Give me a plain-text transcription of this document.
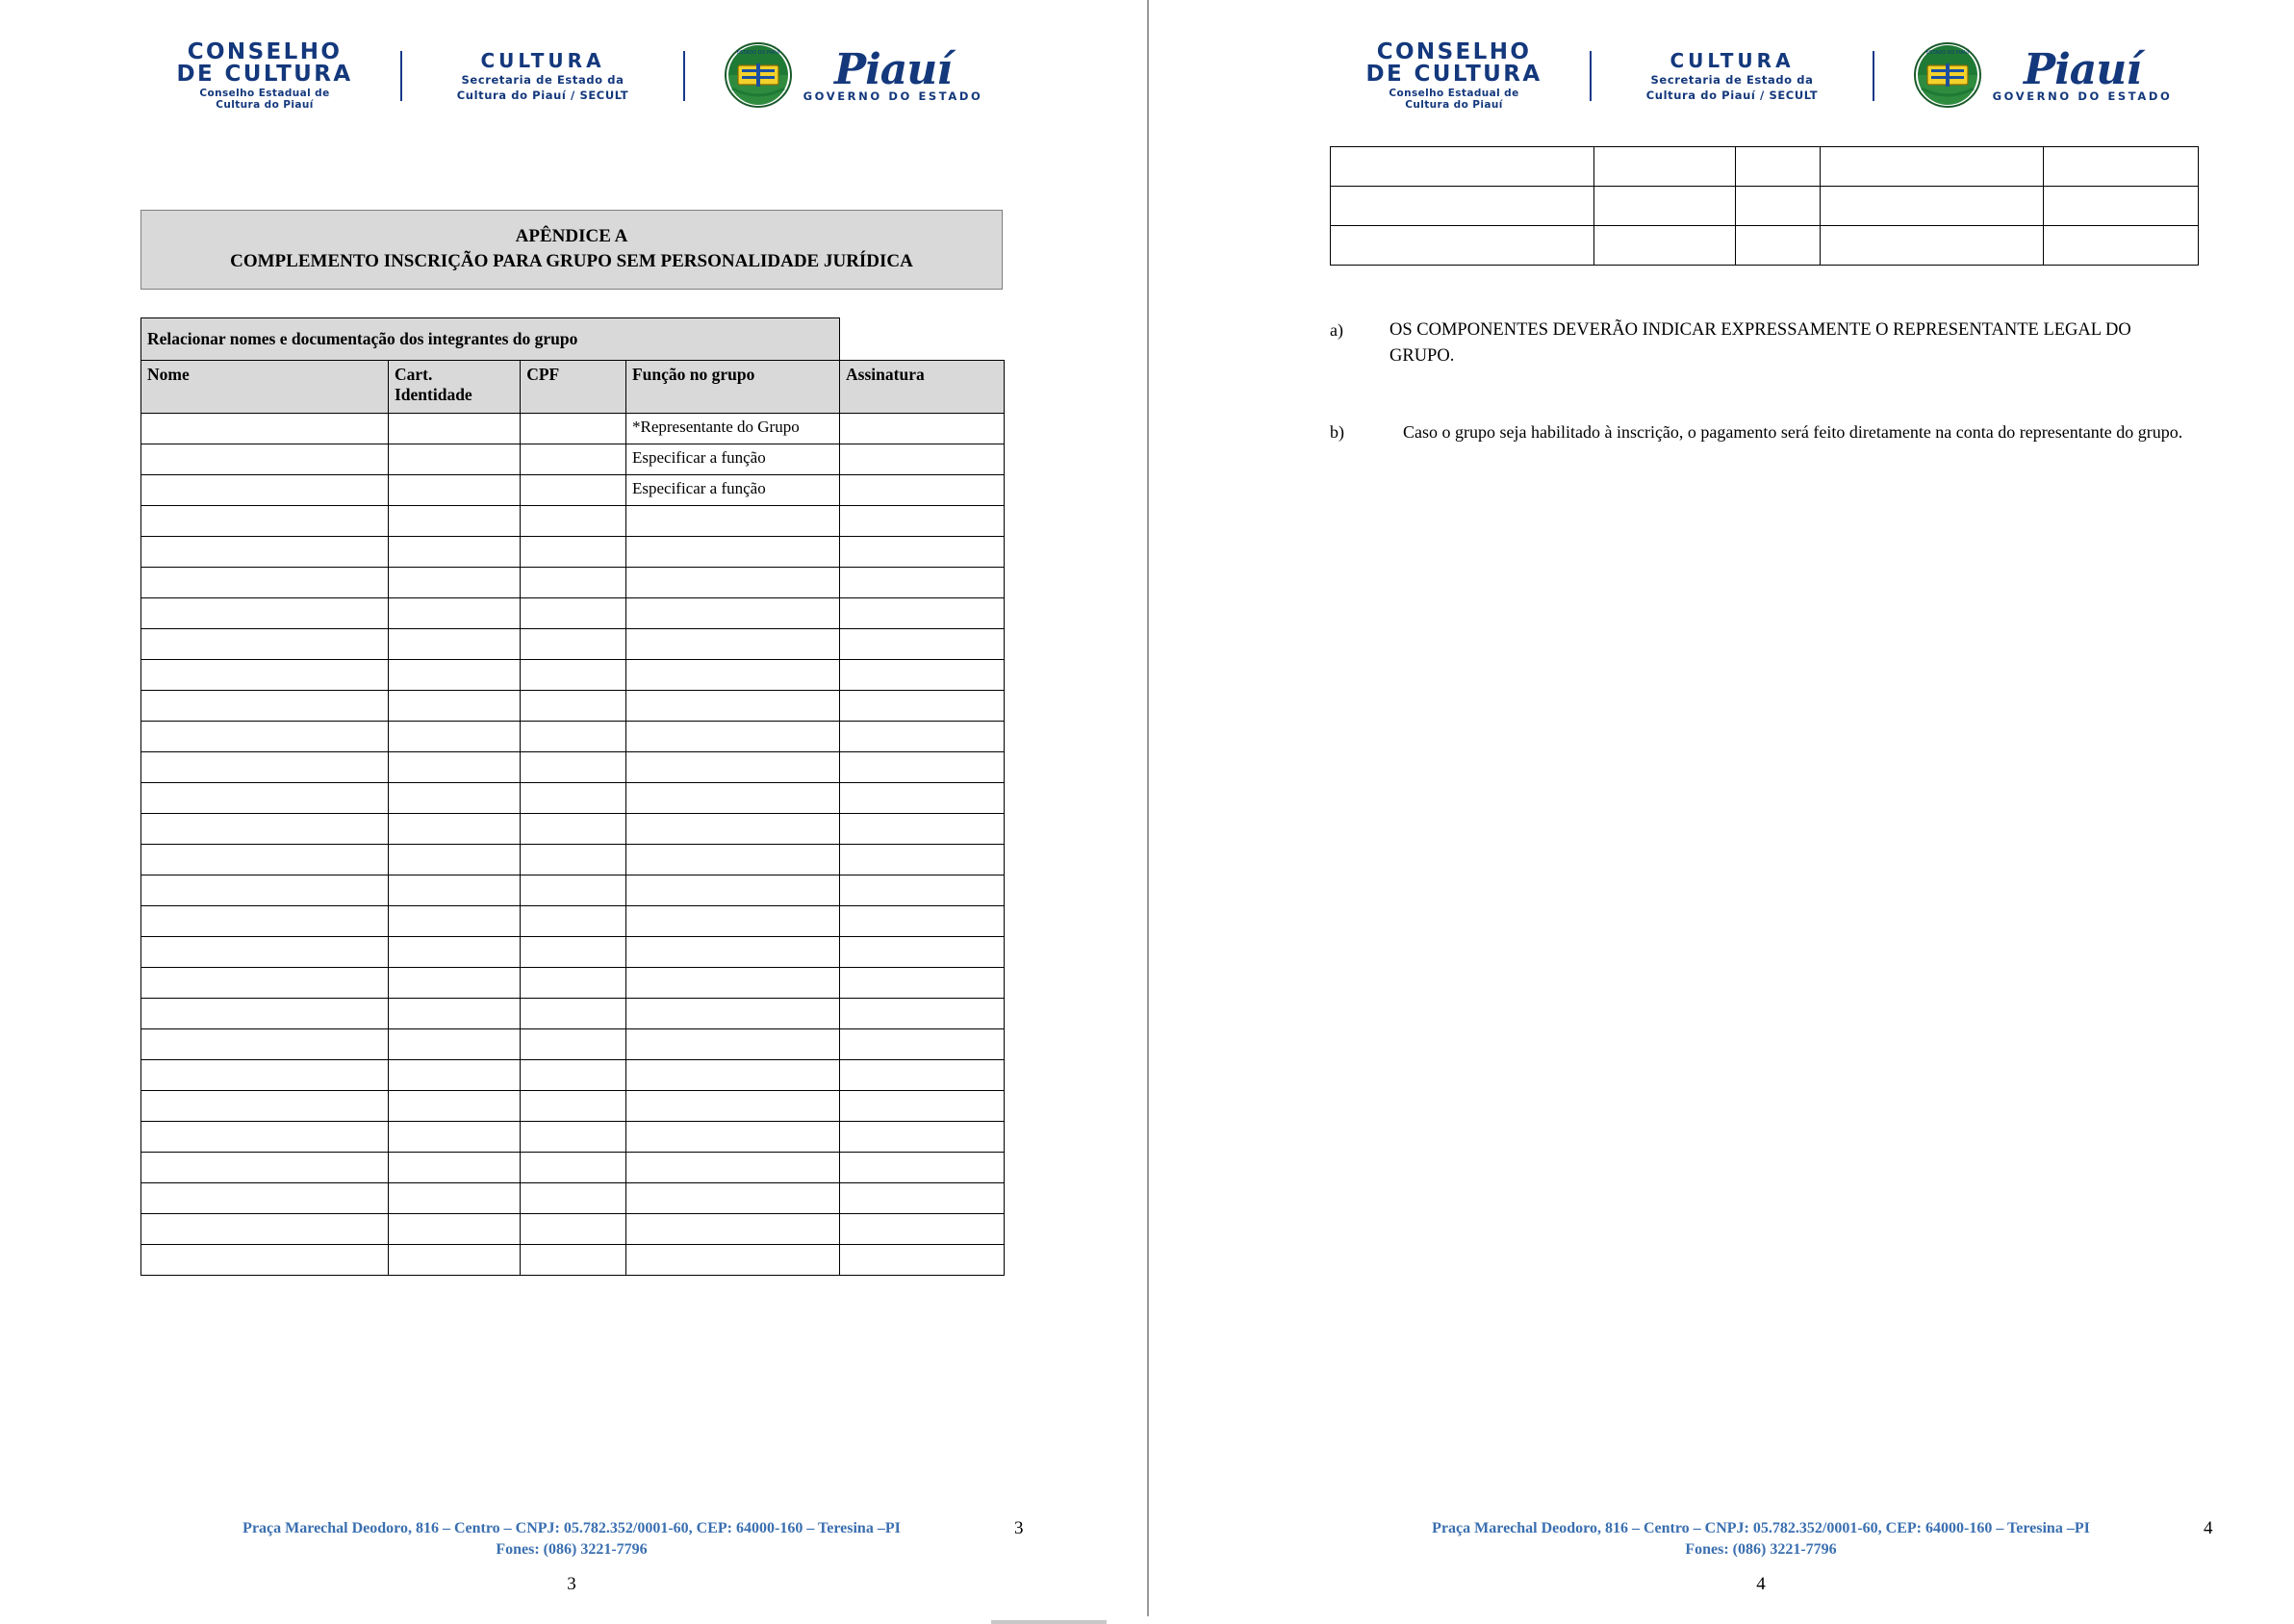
CONSELHO
DE CULTURA
Conselho Estadual de
Cultura do Piauí
CULTURA
Secretaria de Estado da
Cultura do Piauí / SECULT
ESTADO DO PIAUÍ	Piauí
GOVERNO DO ESTADO
APÊNDICE A
COMPLEMENTO INSCRIÇÃO PARA GRUPO SEM PERSONALIDADE JURÍDICA
Relacionar nomes e documentação dos integrantes do grupo				
Nome	Cart. Identidade	CPF	Função no grupo	Assinatura

			*Representante do Grupo	

			Especificar a função	

			Especificar a função	

Praça Marechal Deodoro, 816 – Centro – CNPJ: 05.782.352/0001-60, CEP: 64000-160 – Teresina –PI
Fones: (086) 3221-7796
3
3
CONSELHO
DE CULTURA
Conselho Estadual de
Cultura do Piauí
CULTURA
Secretaria de Estado da
Cultura do Piauí / SECULT
ESTADO DO PIAUÍ	Piauí
GOVERNO DO ESTADO

a)	OS COMPONENTES DEVERÃO INDICAR EXPRESSAMENTE O REPRESENTANTE LEGAL DO GRUPO.
b)	Caso o grupo seja habilitado à inscrição, o pagamento será feito diretamente na conta do representante do grupo.
Praça Marechal Deodoro, 816 – Centro – CNPJ: 05.782.352/0001-60, CEP: 64000-160 – Teresina –PI
Fones: (086) 3221-7796
4
4
